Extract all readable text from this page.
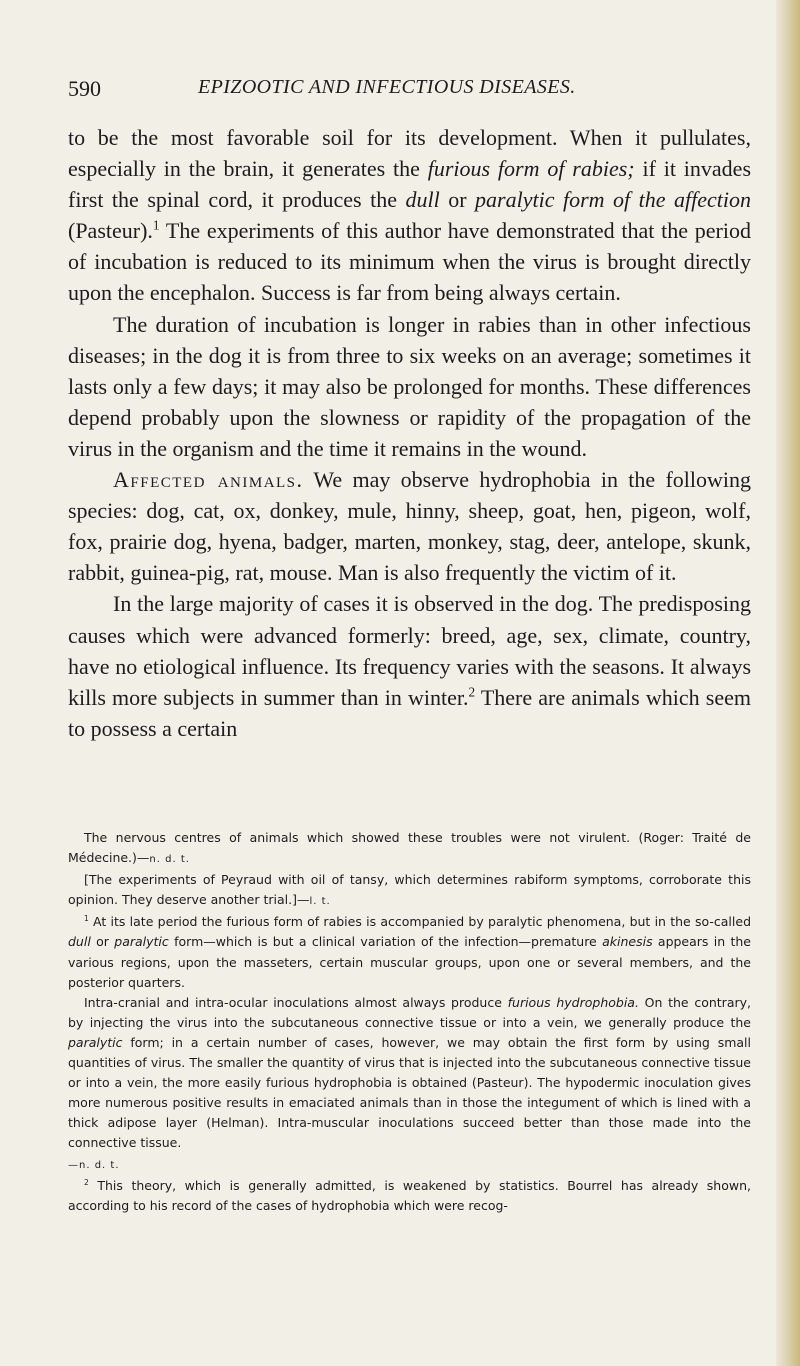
590	EPIZOOTIC AND INFECTIOUS DISEASES.

to be the most favorable soil for its development. When it pullulates, especially in the brain, it generates the furious form of rabies; if it invades first the spinal cord, it produces the dull or paralytic form of the affection (Pasteur).$^1$ The experiments of this author have demonstrated that the period of incubation is reduced to its minimum when the virus is brought directly upon the encephalon. Success is far from being always certain.

The duration of incubation is longer in rabies than in other infectious diseases; in the dog it is from three to six weeks on an average; sometimes it lasts only a few days; it may also be prolonged for months. These differences depend probably upon the slowness or rapidity of the propagation of the virus in the organism and the time it remains in the wound.

Affected animals. We may observe hydrophobia in the following species: dog, cat, ox, donkey, mule, hinny, sheep, goat, hen, pigeon, wolf, fox, prairie dog, hyena, badger, marten, monkey, stag, deer, antelope, skunk, rabbit, guinea-pig, rat, mouse. Man is also frequently the victim of it.

In the large majority of cases it is observed in the dog. The predisposing causes which were advanced formerly: breed, age, sex, climate, country, have no etiological influence. Its frequency varies with the seasons. It always kills more subjects in summer than in winter.$^2$ There are animals which seem to possess a certain

The nervous centres of animals which showed these troubles were not virulent. (Roger: Traité de Médecine.)—n. d. t.

[The experiments of Peyraud with oil of tansy, which determines rabiform symptoms, corroborate this opinion. They deserve another trial.]—l. t.

$^1$ At its late period the furious form of rabies is accompanied by paralytic phenomena, but in the so-called dull or paralytic form—which is but a clinical variation of the infection—premature akinesis appears in the various regions, upon the masseters, certain muscular groups, upon one or several members, and the posterior quarters.

Intra-cranial and intra-ocular inoculations almost always produce furious hydrophobia. On the contrary, by injecting the virus into the subcutaneous connective tissue or into a vein, we generally produce the paralytic form; in a certain number of cases, however, we may obtain the first form by using small quantities of virus. The smaller the quantity of virus that is injected into the subcutaneous connective tissue or into a vein, the more easily furious hydrophobia is obtained (Pasteur). The hypodermic inoculation gives more numerous positive results in emaciated animals than in those the integument of which is lined with a thick adipose layer (Helman). Intra-muscular inoculations succeed better than those made into the connective tissue.

—n. d. t.

$^2$ This theory, which is generally admitted, is weakened by statistics. Bourrel has already shown, according to his record of the cases of hydrophobia which were recog-
